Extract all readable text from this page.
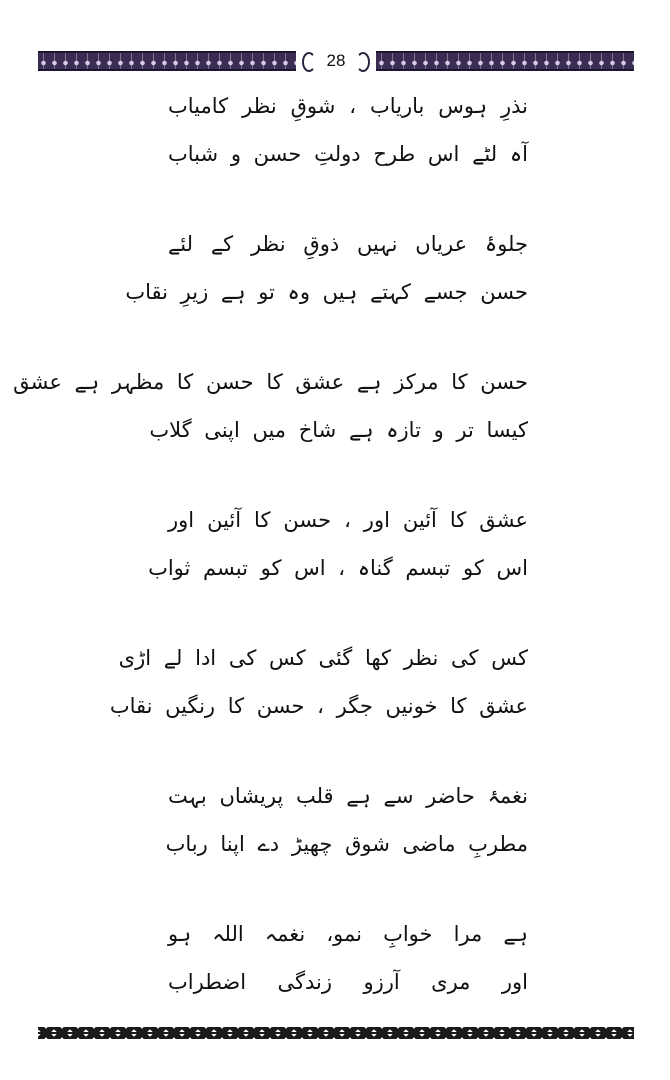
28
نذرِ ہوس باریاب ، شوقِ نظر کامیاب
آہ لٹے اس طرح دولتِ حسن و شباب
جلوۂ عریاں نہیں ذوقِ نظر کے لئے
حسن جسے کہتے ہیں وہ تو ہے زیرِ نقاب
حسن کا مرکز ہے عشق کا حسن کا مظہر ہے عشق
کیسا تر و تازہ ہے شاخ میں اپنی گلاب
عشق کا آئین اور ، حسن کا آئین اور
اس کو تبسم گناہ ، اس کو تبسم ثواب
کس کی نظر کھا گئی کس کی ادا لے اڑی
عشق کا خونیں جگر ، حسن کا رنگیں نقاب
نغمۂ حاضر سے ہے قلب پریشاں بہت
مطربِ ماضی شوق چھیڑ دے اپنا رباب
ہے مرا خوابِ نمو، نغمہ اللہ ہو
اور مری آرزو زندگی اضطراب
